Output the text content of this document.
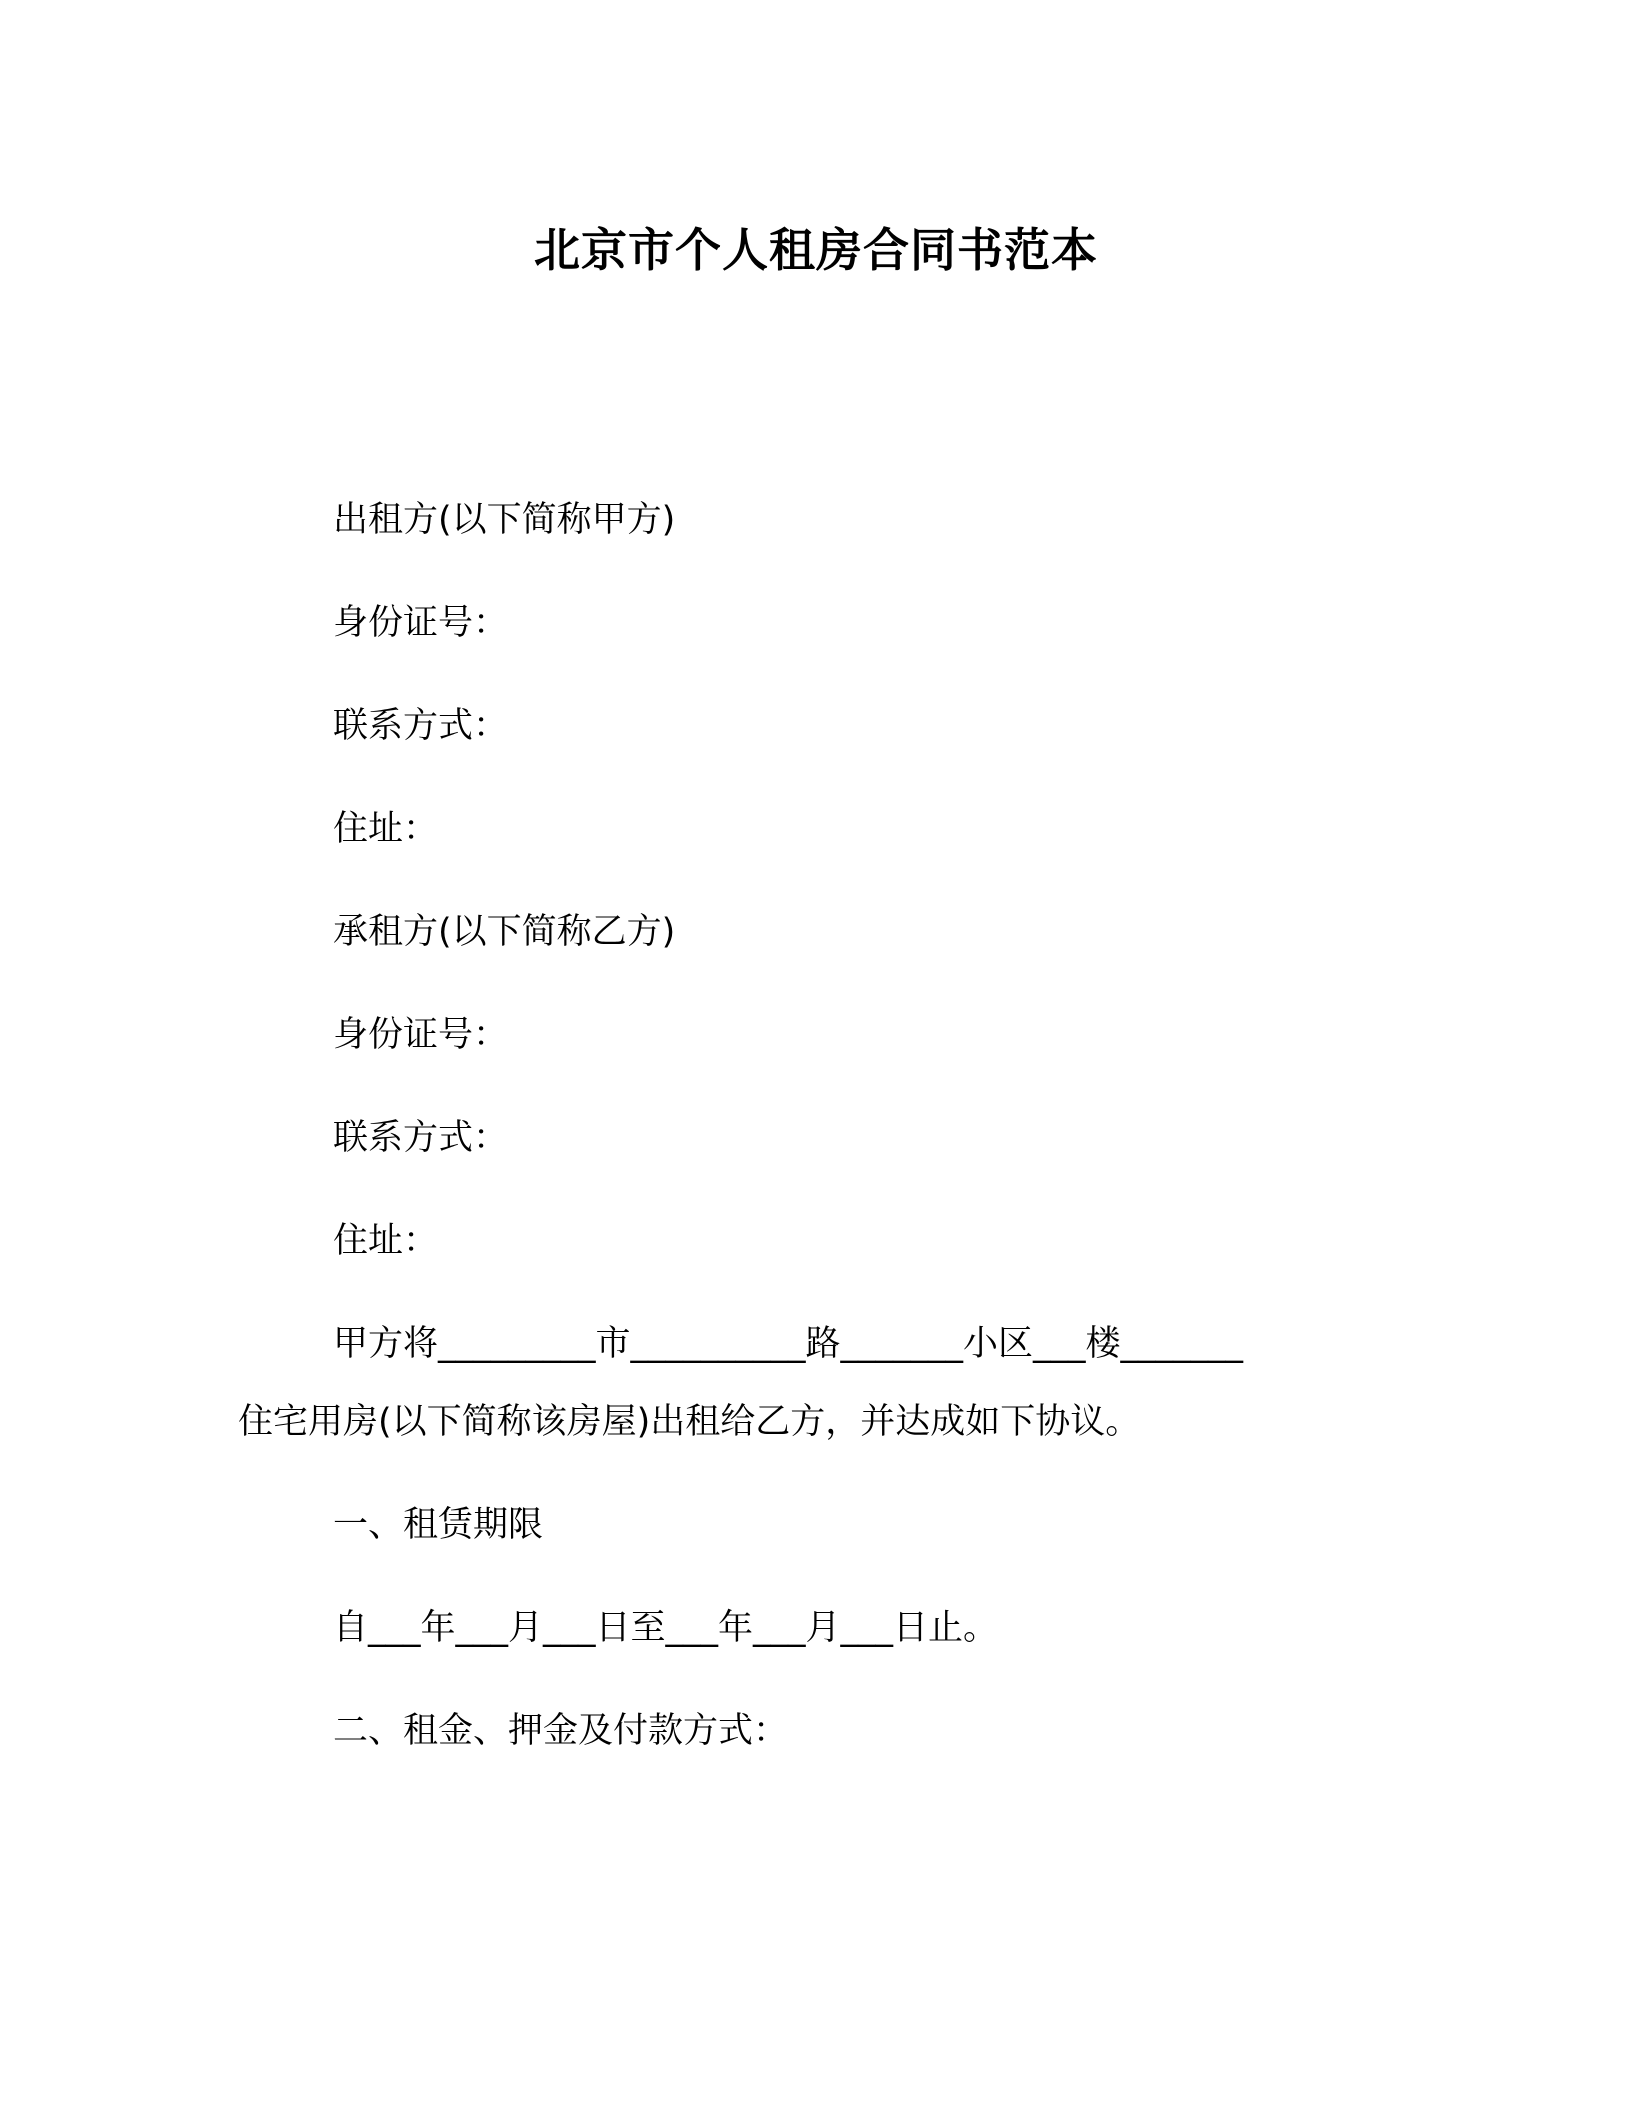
北京市个人租房合同书范本
出租方(以下简称甲方)
身份证号：
联系方式：
住址：
承租方(以下简称乙方)
身份证号：
联系方式：
住址：
甲方将_________市__________路_______小区___楼_______
住宅用房(以下简称该房屋)出租给乙方，并达成如下协议。
一、租赁期限
自___年___月___日至___年___月___日止。
二、租金、押金及付款方式：
